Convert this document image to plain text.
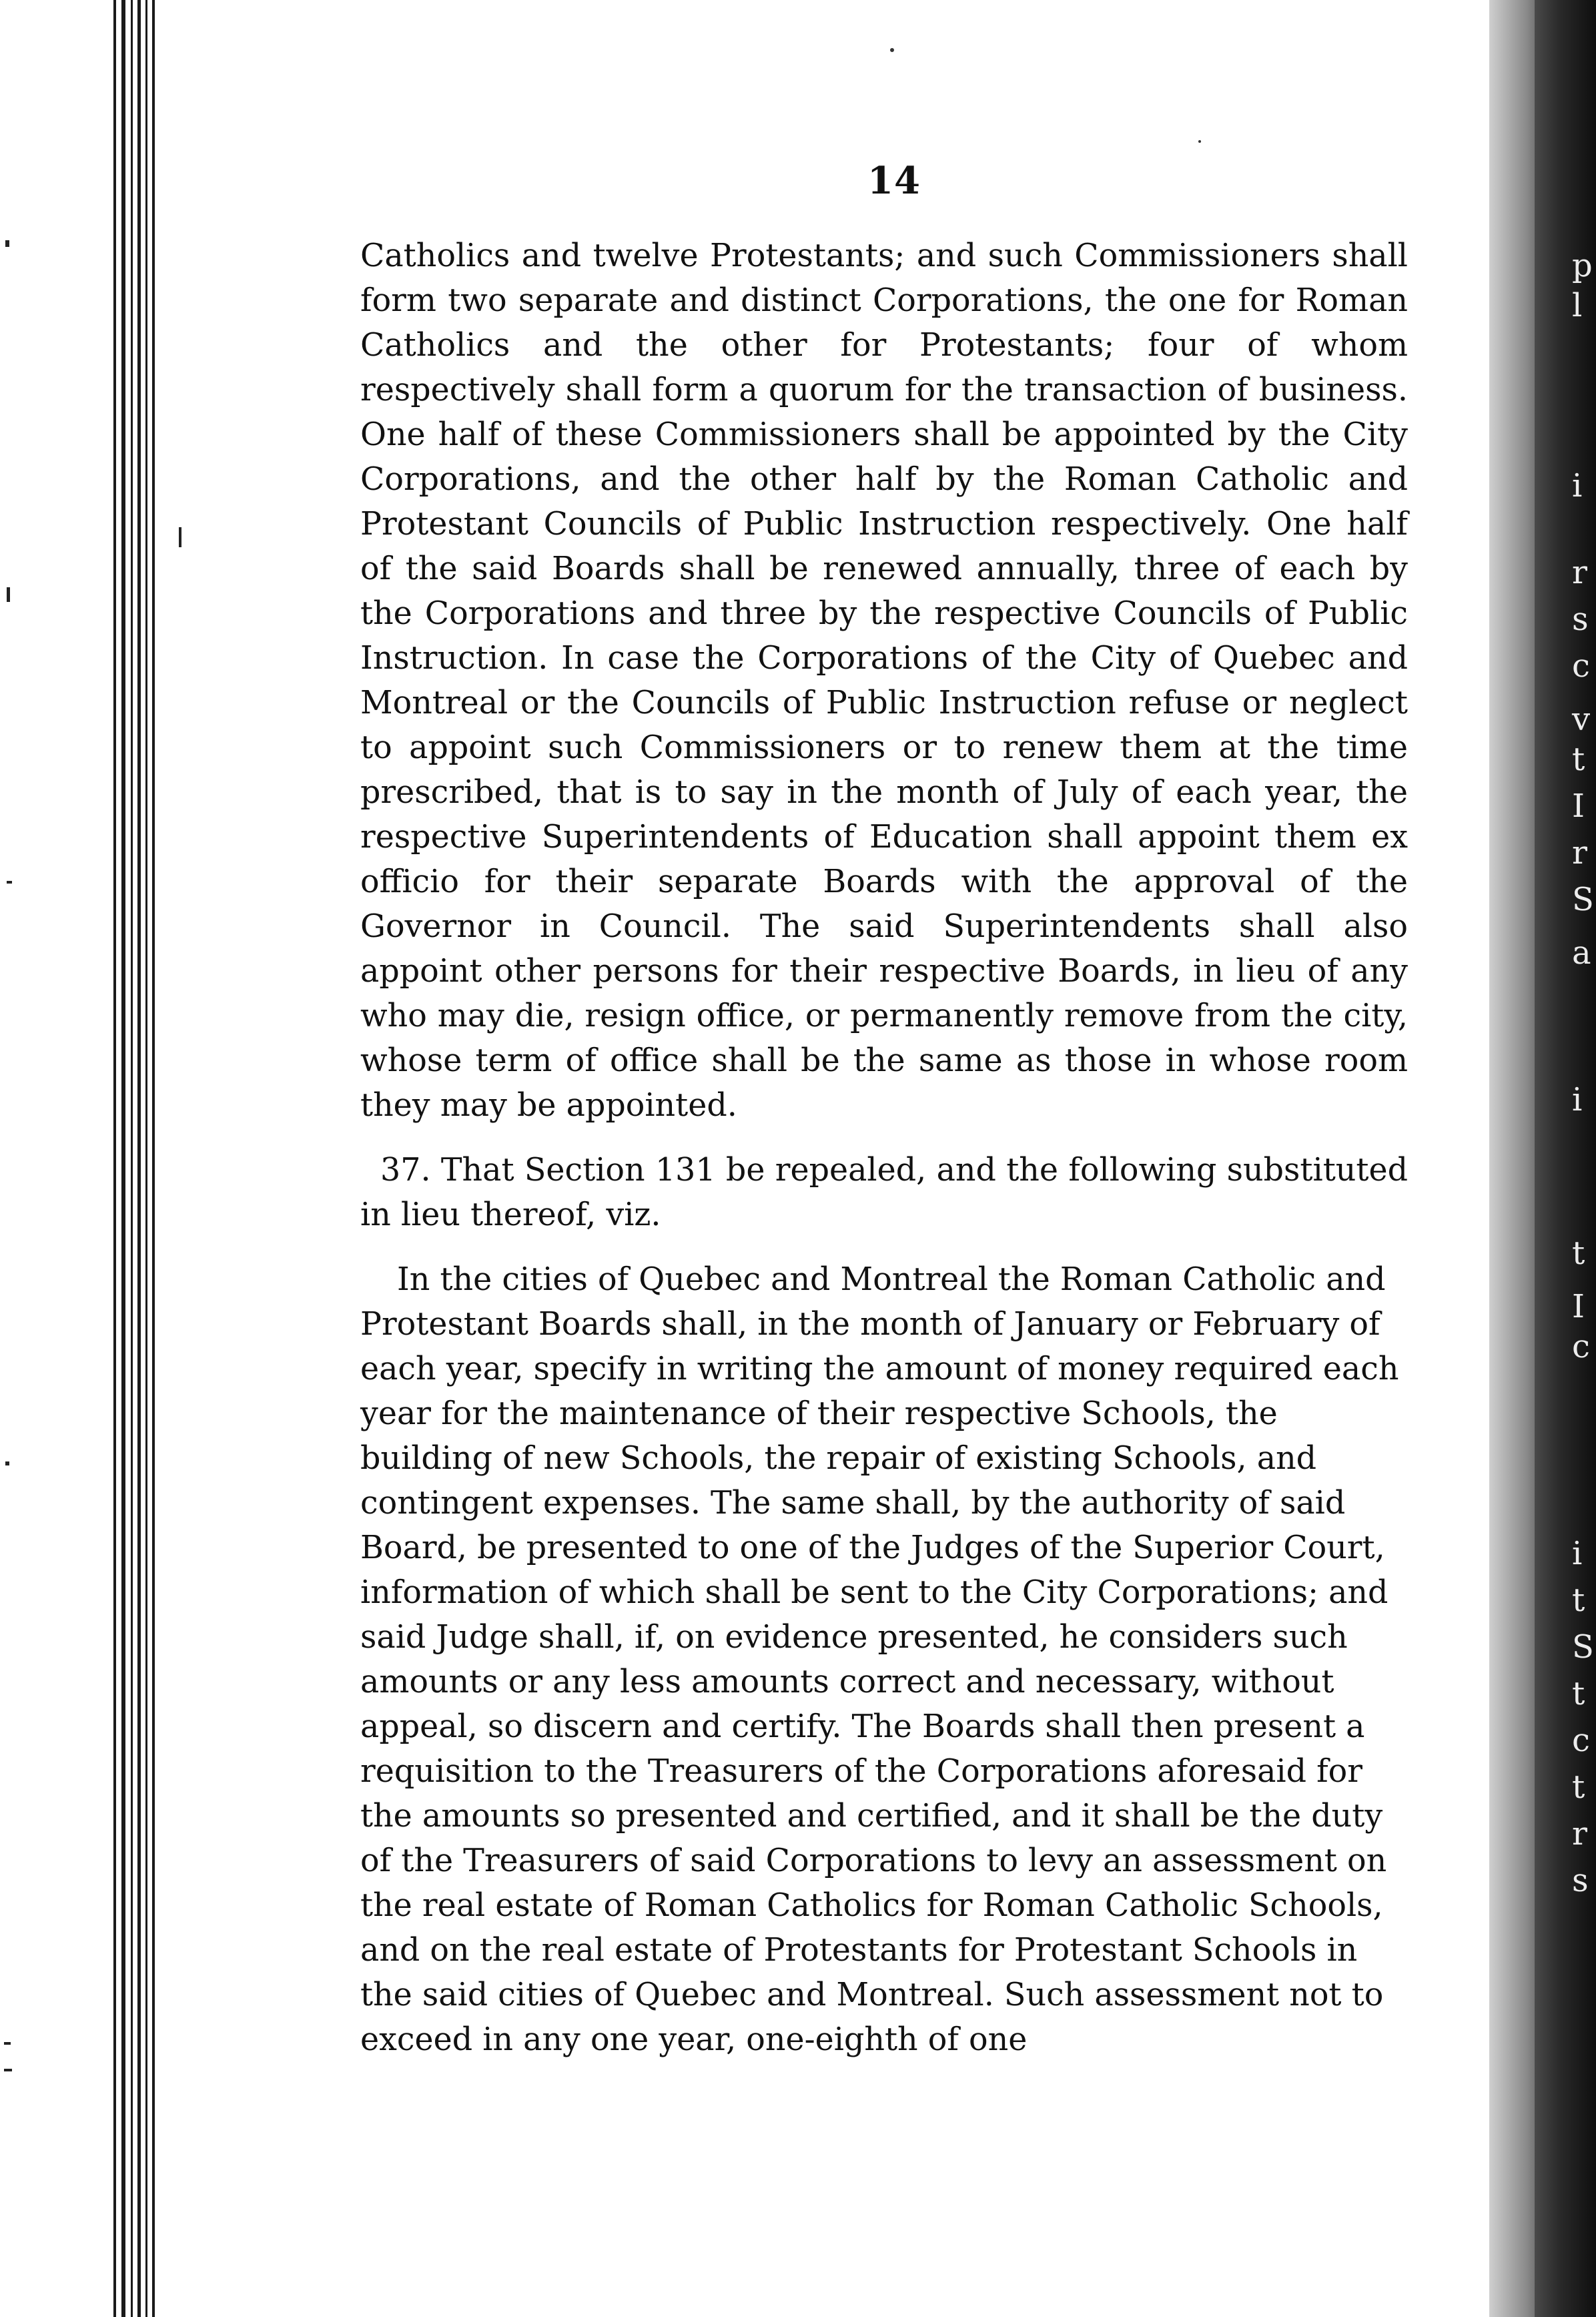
p
l
i
r
s
c
v
t
I
r
S
a
i
t
I
c
i
t
S
t
c
t
r
s
14

Catholics and twelve Protestants; and such Commissioners shall form two separate and distinct Corporations, the one for Roman Catholics and the other for Protestants; four of whom respectively shall form a quorum for the transaction of business. One half of these Commissioners shall be appointed by the City Corporations, and the other half by the Roman Catholic and Protestant Councils of Public Instruction respectively. One half of the said Boards shall be renewed annually, three of each by the Corporations and three by the respective Councils of Public Instruction. In case the Corporations of the City of Quebec and Montreal or the Councils of Public Instruction refuse or neglect to appoint such Commissioners or to renew them at the time prescribed, that is to say in the month of July of each year, the respective Superintendents of Education shall appoint them ex officio for their separate Boards with the approval of the Governor in Council. The said Superintendents shall also appoint other persons for their respective Boards, in lieu of any who may die, resign office, or permanently remove from the city, whose term of office shall be the same as those in whose room they may be appointed.

37. That Section 131 be repealed, and the following substituted in lieu thereof, viz.

In the cities of Quebec and Montreal the Roman Catholic and Protestant Boards shall, in the month of January or February of each year, specify in writing the amount of money required each year for the maintenance of their respective Schools, the building of new Schools, the repair of existing Schools, and contingent expenses. The same shall, by the authority of said Board, be presented to one of the Judges of the Superior Court, information of which shall be sent to the City Corporations; and said Judge shall, if, on evidence presented, he considers such amounts or any less amounts correct and necessary, without appeal, so discern and certify. The Boards shall then present a requisition to the Treasurers of the Corporations aforesaid for the amounts so presented and certified, and it shall be the duty of the Treasurers of said Corporations to levy an assessment on the real estate of Roman Catholics for Roman Catholic Schools, and on the real estate of Protestants for Protestant Schools in the said cities of Quebec and Montreal. Such assessment not to exceed in any one year, one-eighth of one
